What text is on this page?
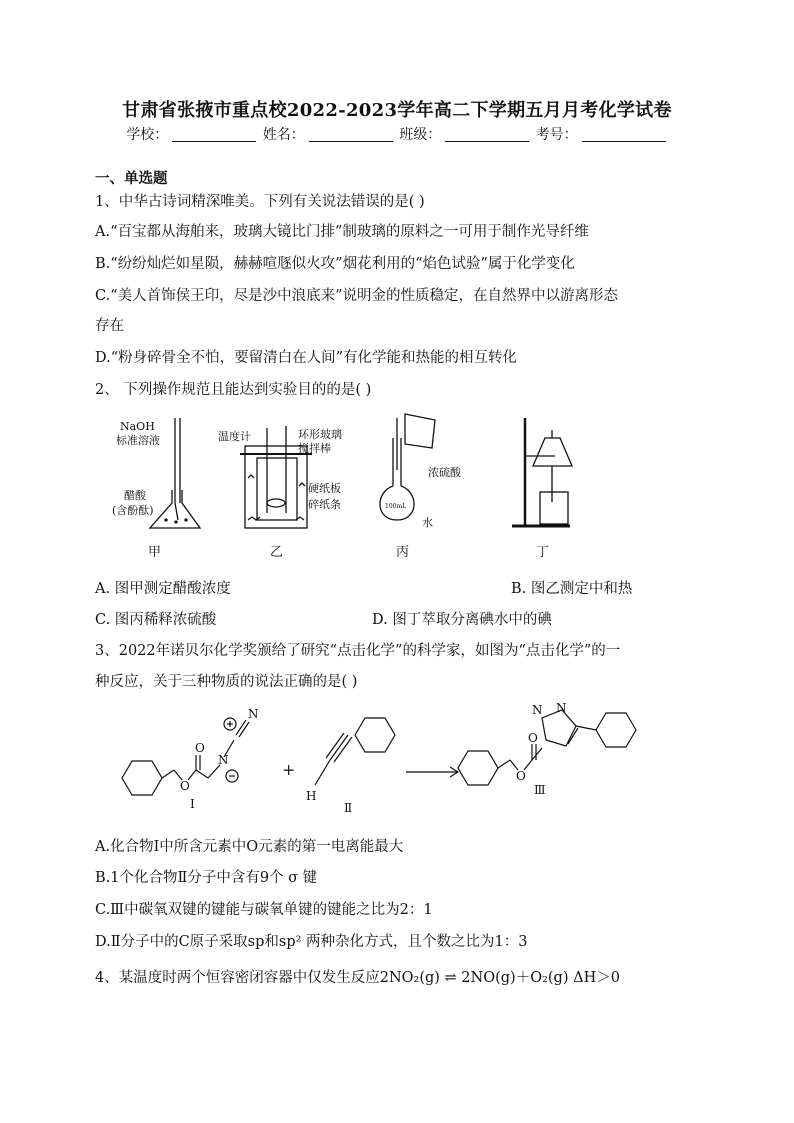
甘肃省张掖市重点校2022-2023学年高二下学期五月月考化学试卷
学校：	姓名：	班级：	考号：
一、单选题
1、中华古诗词精深唯美。下列有关说法错误的是( )
A.“百宝都从海舶来，玻璃大镜比门排”制玻璃的原料之一可用于制作光导纤维
B.“纷纷灿烂如星陨，赫赫喧豗似火攻”烟花利用的“焰色试验”属于化学变化
C.“美人首饰侯王印，尽是沙中浪底来”说明金的性质稳定，在自然界中以游离形态
存在
D.“粉身碎骨全不怕，要留清白在人间”有化学能和热能的相互转化
2、 下列操作规范且能达到实验目的的是( )
NaOH
标准溶液
醋酸
(含酚酞)
温度计	环形玻璃
搅拌棒
硬纸板
碎纸条
浓硫酸
水
100mL
甲	乙	丙	丁
A. 图甲测定醋酸浓度	B. 图乙测定中和热
C. 图丙稀释浓硫酸	D. 图丁萃取分离碘水中的碘
3、2022年诺贝尔化学奖颁给了研究“点击化学”的科学家，如图为“点击化学”的一
种反应，关于三种物质的说法正确的是( )
O
O
N
N
Ⅰ
+
H
Ⅱ
O
O
N N
Ⅲ
A.化合物Ⅰ中所含元素中O元素的第一电离能最大
B.1个化合物Ⅱ分子中含有9个 σ 键
C.Ⅲ中碳氧双键的键能与碳氧单键的键能之比为2：1
D.Ⅱ分子中的C原子采取sp和sp² 两种杂化方式，且个数之比为1：3
4、某温度时两个恒容密闭容器中仅发生反应2NO₂(g) ⇌ 2NO(g)＋O₂(g) ΔH＞0
